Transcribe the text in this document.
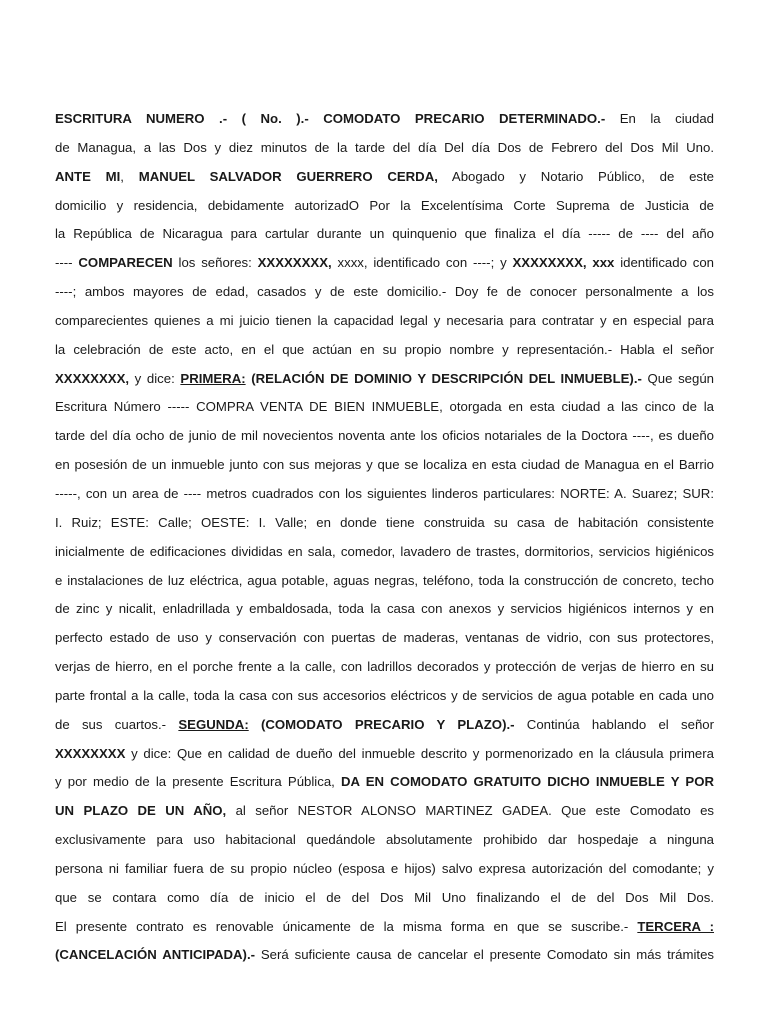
ESCRITURA NUMERO .- ( No. ).- COMODATO PRECARIO DETERMINADO.- En la ciudad
de Managua, a las Dos y diez minutos de la tarde del día Del día Dos de Febrero del Dos Mil Uno.
ANTE MI, MANUEL SALVADOR GUERRERO CERDA, Abogado y Notario Público, de este
domicilio y residencia, debidamente autorizadO Por la Excelentísima Corte Suprema de Justicia de
la República de Nicaragua para cartular durante un quinquenio que finaliza el día ----- de ---- del año
---- COMPARECEN los señores: XXXXXXXX, xxxx, identificado con ----; y XXXXXXXX, xxx identificado con
----; ambos mayores de edad, casados y de este domicilio.- Doy fe de conocer personalmente a los
comparecientes quienes a mi juicio tienen la capacidad legal y necesaria para contratar y en especial para
la celebración de este acto, en el que actúan en su propio nombre y representación.- Habla el señor
XXXXXXXX, y dice: PRIMERA: (RELACIÓN DE DOMINIO Y DESCRIPCIÓN DEL INMUEBLE).- Que según
Escritura Número ----- COMPRA VENTA DE BIEN INMUEBLE, otorgada en esta ciudad a las cinco de la
tarde del día ocho de junio de mil novecientos noventa ante los oficios notariales de la Doctora ----, es dueño
en posesión de un inmueble junto con sus mejoras y que se localiza en esta ciudad de Managua en el Barrio
-----, con un area de ---- metros cuadrados con los siguientes linderos particulares: NORTE: A. Suarez; SUR:
I. Ruiz; ESTE: Calle; OESTE: I. Valle; en donde tiene construida su casa de habitación consistente
inicialmente de edificaciones divididas en sala, comedor, lavadero de trastes, dormitorios, servicios higiénicos
e instalaciones de luz eléctrica, agua potable, aguas negras, teléfono, toda la construcción de concreto, techo
de zinc y nicalit, enladrillada y embaldosada, toda la casa con anexos y servicios higiénicos internos y en
perfecto estado de uso y conservación con puertas de maderas, ventanas de vidrio, con sus protectores,
verjas de hierro, en el porche frente a la calle, con ladrillos decorados y protección de verjas de hierro en su
parte frontal a la calle, toda la casa con sus accesorios eléctricos y de servicios de agua potable en cada uno
de sus cuartos.- SEGUNDA: (COMODATO PRECARIO Y PLAZO).- Continúa hablando el señor
XXXXXXXX y dice: Que en calidad de dueño del inmueble descrito y pormenorizado en la cláusula primera
y por medio de la presente Escritura Pública, DA EN COMODATO GRATUITO DICHO INMUEBLE Y POR
UN PLAZO DE UN AÑO, al señor NESTOR ALONSO MARTINEZ GADEA. Que este Comodato es
exclusivamente para uso habitacional quedándole absolutamente prohibido dar hospedaje a ninguna
persona ni familiar fuera de su propio núcleo (esposa e hijos) salvo expresa autorización del comodante; y
que se contara como día de inicio el de del Dos Mil Uno finalizando el de del Dos Mil Dos.
El presente contrato es renovable únicamente de la misma forma en que se suscribe.- TERCERA :
(CANCELACIÓN ANTICIPADA).- Será suficiente causa de cancelar el presente Comodato sin más trámites
